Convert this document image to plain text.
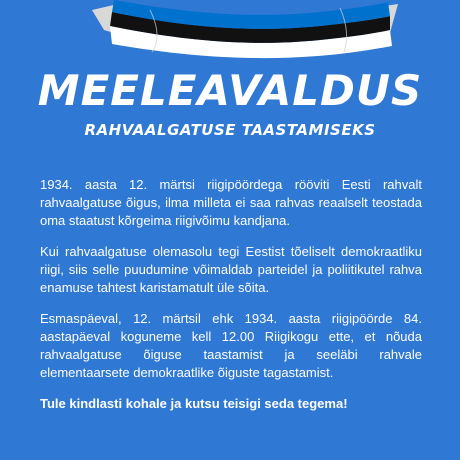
MEELEAVALDUS
RAHVAALGATUSE TAASTAMISEKS

1934. aasta 12. märtsi riigipöördega rööviti Eesti rahvalt rahvaalgatuse õigus, ilma milleta ei saa rahvas reaalselt teostada oma staatust kõrgeima riigivõimu kandjana.

Kui rahvaalgatuse olemasolu tegi Eestist tõeliselt demokraatliku riigi, siis selle puudumine võimaldab parteidel ja poliitikutel rahva enamuse tahtest karistamatult üle sõita.

Esmaspäeval, 12. märtsil ehk 1934. aasta riigipöörde 84. aastapäeval koguneme kell 12.00 Riigikogu ette, et nõuda rahvaalgatuse õiguse taastamist ja seeläbi rahvale elementaarsete demokraatlike õiguste tagastamist.

Tule kindlasti kohale ja kutsu teisigi seda tegema!
